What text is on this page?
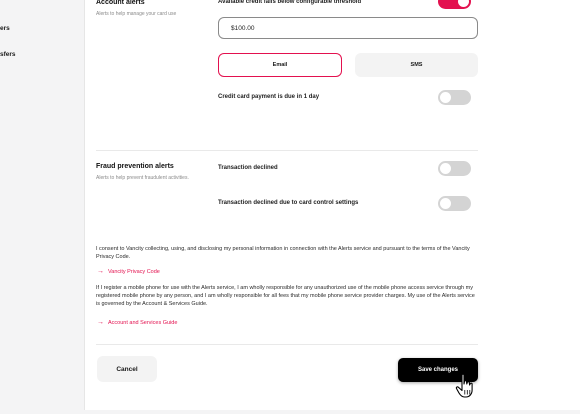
ers
sfers
Account alerts
Alerts to help manage your card use
Available credit falls below configurable threshold
$100.00
Email	SMS
Credit card payment is due in 1 day
Fraud prevention alerts
Alerts to help prevent fraudulent activities.
Transaction declined
Transaction declined due to card control settings

I consent to Vancity collecting, using, and disclosing my personal information in connection with the Alerts service and pursuant to the terms of the Vancity Privacy Code.

→ Vancity Privacy Code

If I register a mobile phone for use with the Alerts service, I am wholly responsible for any unauthorized use of the mobile phone access service through my registered mobile phone by any person, and I am wholly responsible for all fees that my mobile phone service provider charges. My use of the Alerts service is governed by the Account & Services Guide.

→ Account and Services Guide
Cancel	Save changes
